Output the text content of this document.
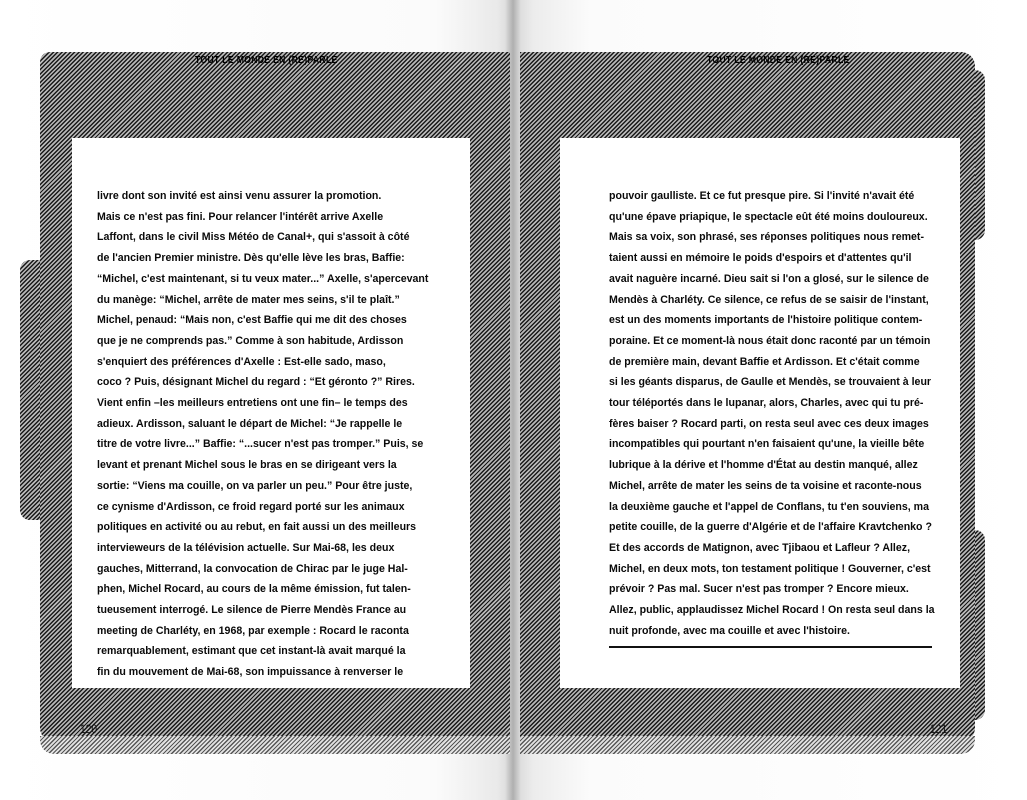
TOUT LE MONDE EN (RE)PARLE	TOUT LE MONDE EN (RE)PARLE
livre dont son invité est ainsi venu assurer la promotion.
Mais ce n'est pas fini. Pour relancer l'intérêt arrive Axelle
Laffont, dans le civil Miss Météo de Canal+, qui s'assoit à côté
de l'ancien Premier ministre. Dès qu'elle lève les bras, Baffie:
“Michel, c'est maintenant, si tu veux mater...” Axelle, s'apercevant
du manège: “Michel, arrête de mater mes seins, s'il te plaît.”
Michel, penaud: “Mais non, c'est Baffie qui me dit des choses
que je ne comprends pas.” Comme à son habitude, Ardisson
s'enquiert des préférences d'Axelle : Est-elle sado, maso,
coco ? Puis, désignant Michel du regard : “Et géronto ?” Rires.
Vient enfin –les meilleurs entretiens ont une fin– le temps des
adieux. Ardisson, saluant le départ de Michel: “Je rappelle le
titre de votre livre...” Baffie: “...sucer n'est pas tromper.” Puis, se
levant et prenant Michel sous le bras en se dirigeant vers la
sortie: “Viens ma couille, on va parler un peu.” Pour être juste,
ce cynisme d'Ardisson, ce froid regard porté sur les animaux
politiques en activité ou au rebut, en fait aussi un des meilleurs
intervieweurs de la télévision actuelle. Sur Mai-68, les deux
gauches, Mitterrand, la convocation de Chirac par le juge Hal-
phen, Michel Rocard, au cours de la même émission, fut talen-
tueusement interrogé. Le silence de Pierre Mendès France au
meeting de Charléty, en 1968, par exemple : Rocard le raconta
remarquablement, estimant que cet instant-là avait marqué la
fin du mouvement de Mai-68, son impuissance à renverser le
pouvoir gaulliste. Et ce fut presque pire. Si l'invité n'avait été
qu'une épave priapique, le spectacle eût été moins douloureux.
Mais sa voix, son phrasé, ses réponses politiques nous remet-
taient aussi en mémoire le poids d'espoirs et d'attentes qu'il
avait naguère incarné. Dieu sait si l'on a glosé, sur le silence de
Mendès à Charléty. Ce silence, ce refus de se saisir de l'instant,
est un des moments importants de l'histoire politique contem-
poraine. Et ce moment-là nous était donc raconté par un témoin
de première main, devant Baffie et Ardisson. Et c'était comme
si les géants disparus, de Gaulle et Mendès, se trouvaient à leur
tour téléportés dans le lupanar, alors, Charles, avec qui tu pré-
fères baiser ? Rocard parti, on resta seul avec ces deux images
incompatibles qui pourtant n'en faisaient qu'une, la vieille bête
lubrique à la dérive et l'homme d'État au destin manqué, allez
Michel, arrête de mater les seins de ta voisine et raconte-nous
la deuxième gauche et l'appel de Conflans, tu t'en souviens, ma
petite couille, de la guerre d'Algérie et de l'affaire Kravtchenko ?
Et des accords de Matignon, avec Tjibaou et Lafleur ? Allez,
Michel, en deux mots, ton testament politique ! Gouverner, c'est
prévoir ? Pas mal. Sucer n'est pas tromper ? Encore mieux.
Allez, public, applaudissez Michel Rocard ! On resta seul dans la
nuit profonde, avec ma couille et avec l'histoire.
120	121
